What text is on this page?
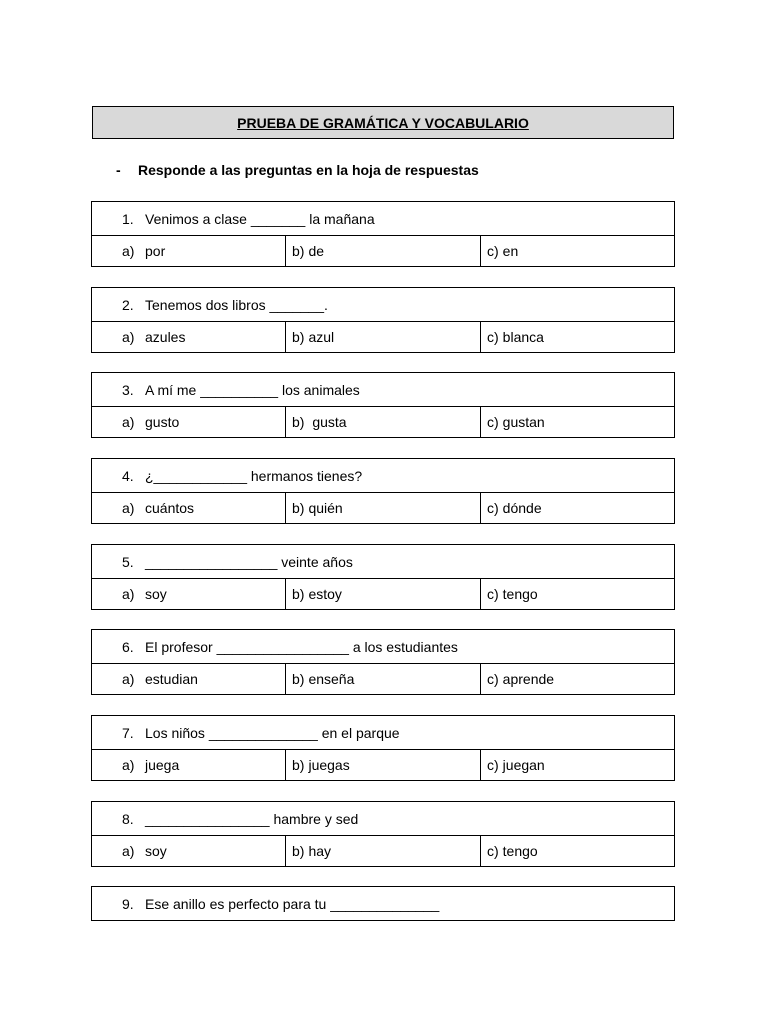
PRUEBA DE GRAMÁTICA Y VOCABULARIO
-	Responde a las preguntas en la hoja de respuestas
1. Venimos a clase _______ la mañana
a) por	b) de	c) en
2. Tenemos dos libros _______.
a) azules	b) azul	c) blanca
3. A mí me __________ los animales
a) gusto	b) gusta	c) gustan
4. ¿____________ hermanos tienes?
a) cuántos	b) quién	c) dónde
5. _________________ veinte años
a) soy	b) estoy	c) tengo
6. El profesor _________________ a los estudiantes
a) estudian	b) enseña	c) aprende
7. Los niños ______________ en el parque
a) juega	b) juegas	c) juegan
8. ________________ hambre y sed
a) soy	b) hay	c) tengo
9. Ese anillo es perfecto para tu ______________
